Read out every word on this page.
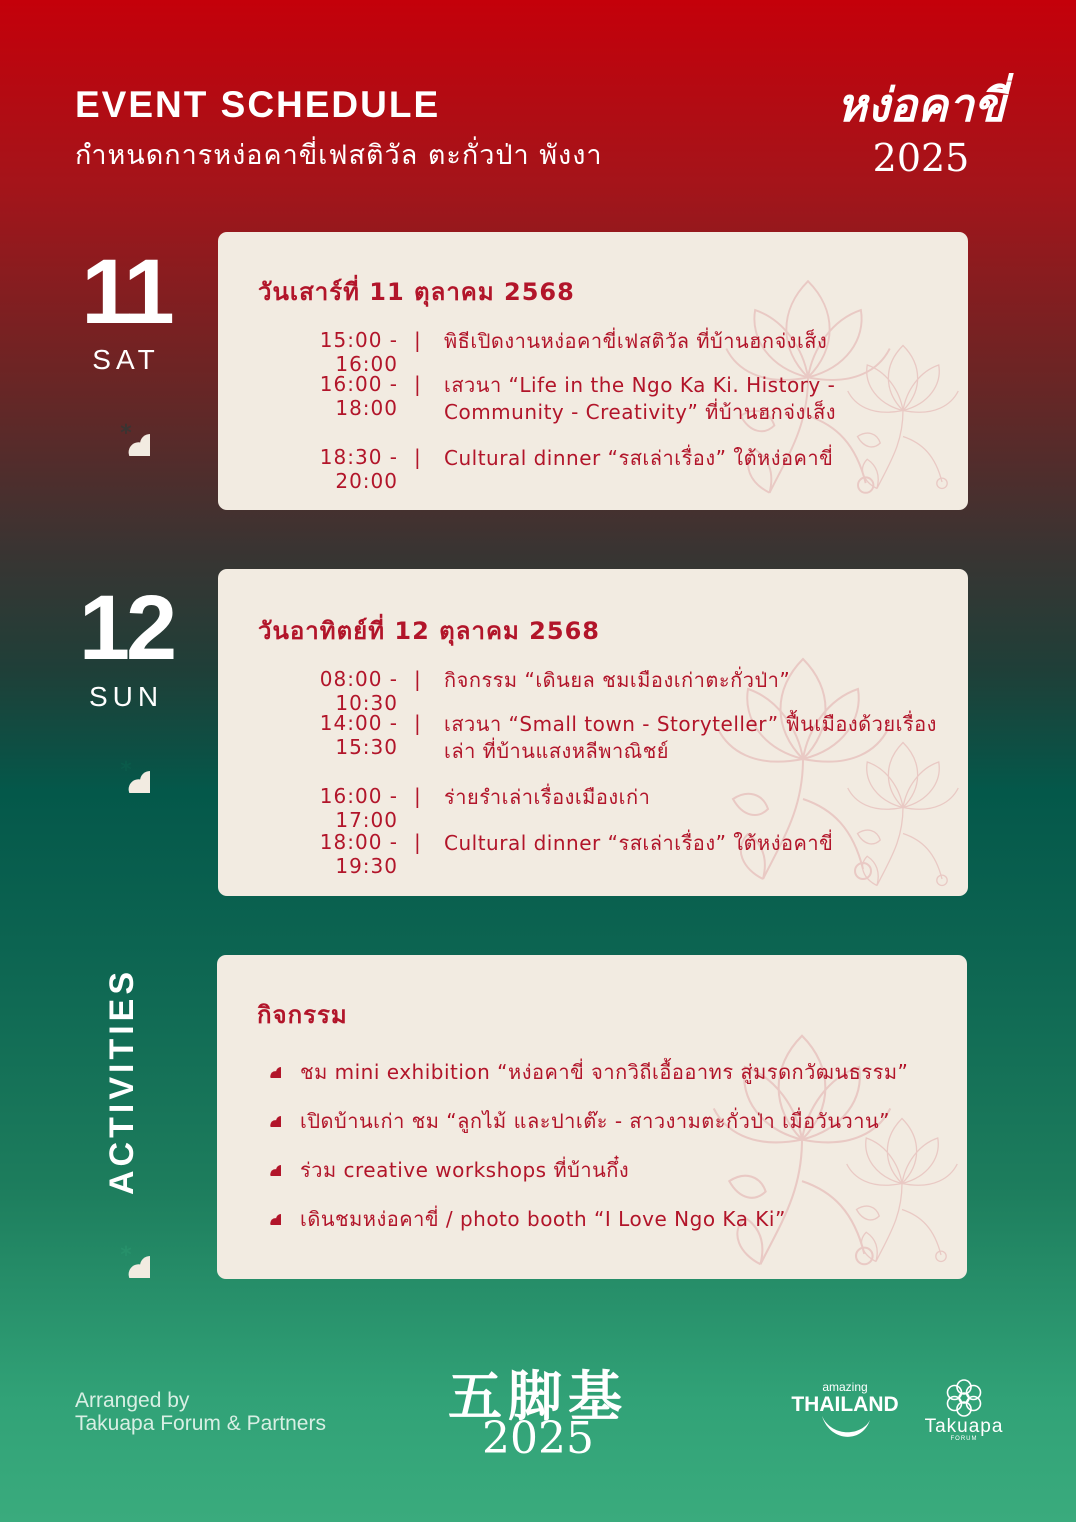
EVENT SCHEDULE

กำหนดการหง่อคาขี่เฟสติวัล ตะกั่วป่า พังงา

หง่อคาขี่
2025
11
SAT
*
วันเสาร์ที่ 11 ตุลาคม 2568
15:00 - 16:00
| พิธีเปิดงานหง่อคาขี่เฟสติวัล ที่บ้านฮกจ่งเส็ง
16:00 - 18:00
| เสวนา “Life in the Ngo Ka Ki. History - Community - Creativity” ที่บ้านฮกจ่งเส็ง
18:30 - 20:00
| Cultural dinner “รสเล่าเรื่อง” ใต้หง่อคาขี่
12
SUN
*
วันอาทิตย์ที่ 12 ตุลาคม 2568
08:00 - 10:30
| กิจกรรม “เดินยล ชมเมืองเก่าตะกั่วป่า”
14:00 - 15:30
| เสวนา “Small town - Storyteller” ฟื้นเมืองด้วยเรื่องเล่า ที่บ้านแสงหลีพาณิชย์
16:00 - 17:00
| ร่ายรำเล่าเรื่องเมืองเก่า
18:00 - 19:30
| Cultural dinner “รสเล่าเรื่อง” ใต้หง่อคาขี่
ACTIVITIES
*
กิจกรรม
* ชม mini exhibition “หง่อคาขี่ จากวิถีเอื้ออาทร สู่มรดกวัฒนธรรม”
* เปิดบ้านเก่า ชม “ลูกไม้ และปาเต๊ะ - สาวงามตะกั่วป่า เมื่อวันวาน”
* ร่วม creative workshops ที่บ้านกึ๋ง
* เดินชมหง่อคาขี่ / photo booth “I Love Ngo Ka Ki”
Arranged by
Takuapa Forum & Partners 五脚基
2025
amazing
THAILAND
Takuapa
FORUM
